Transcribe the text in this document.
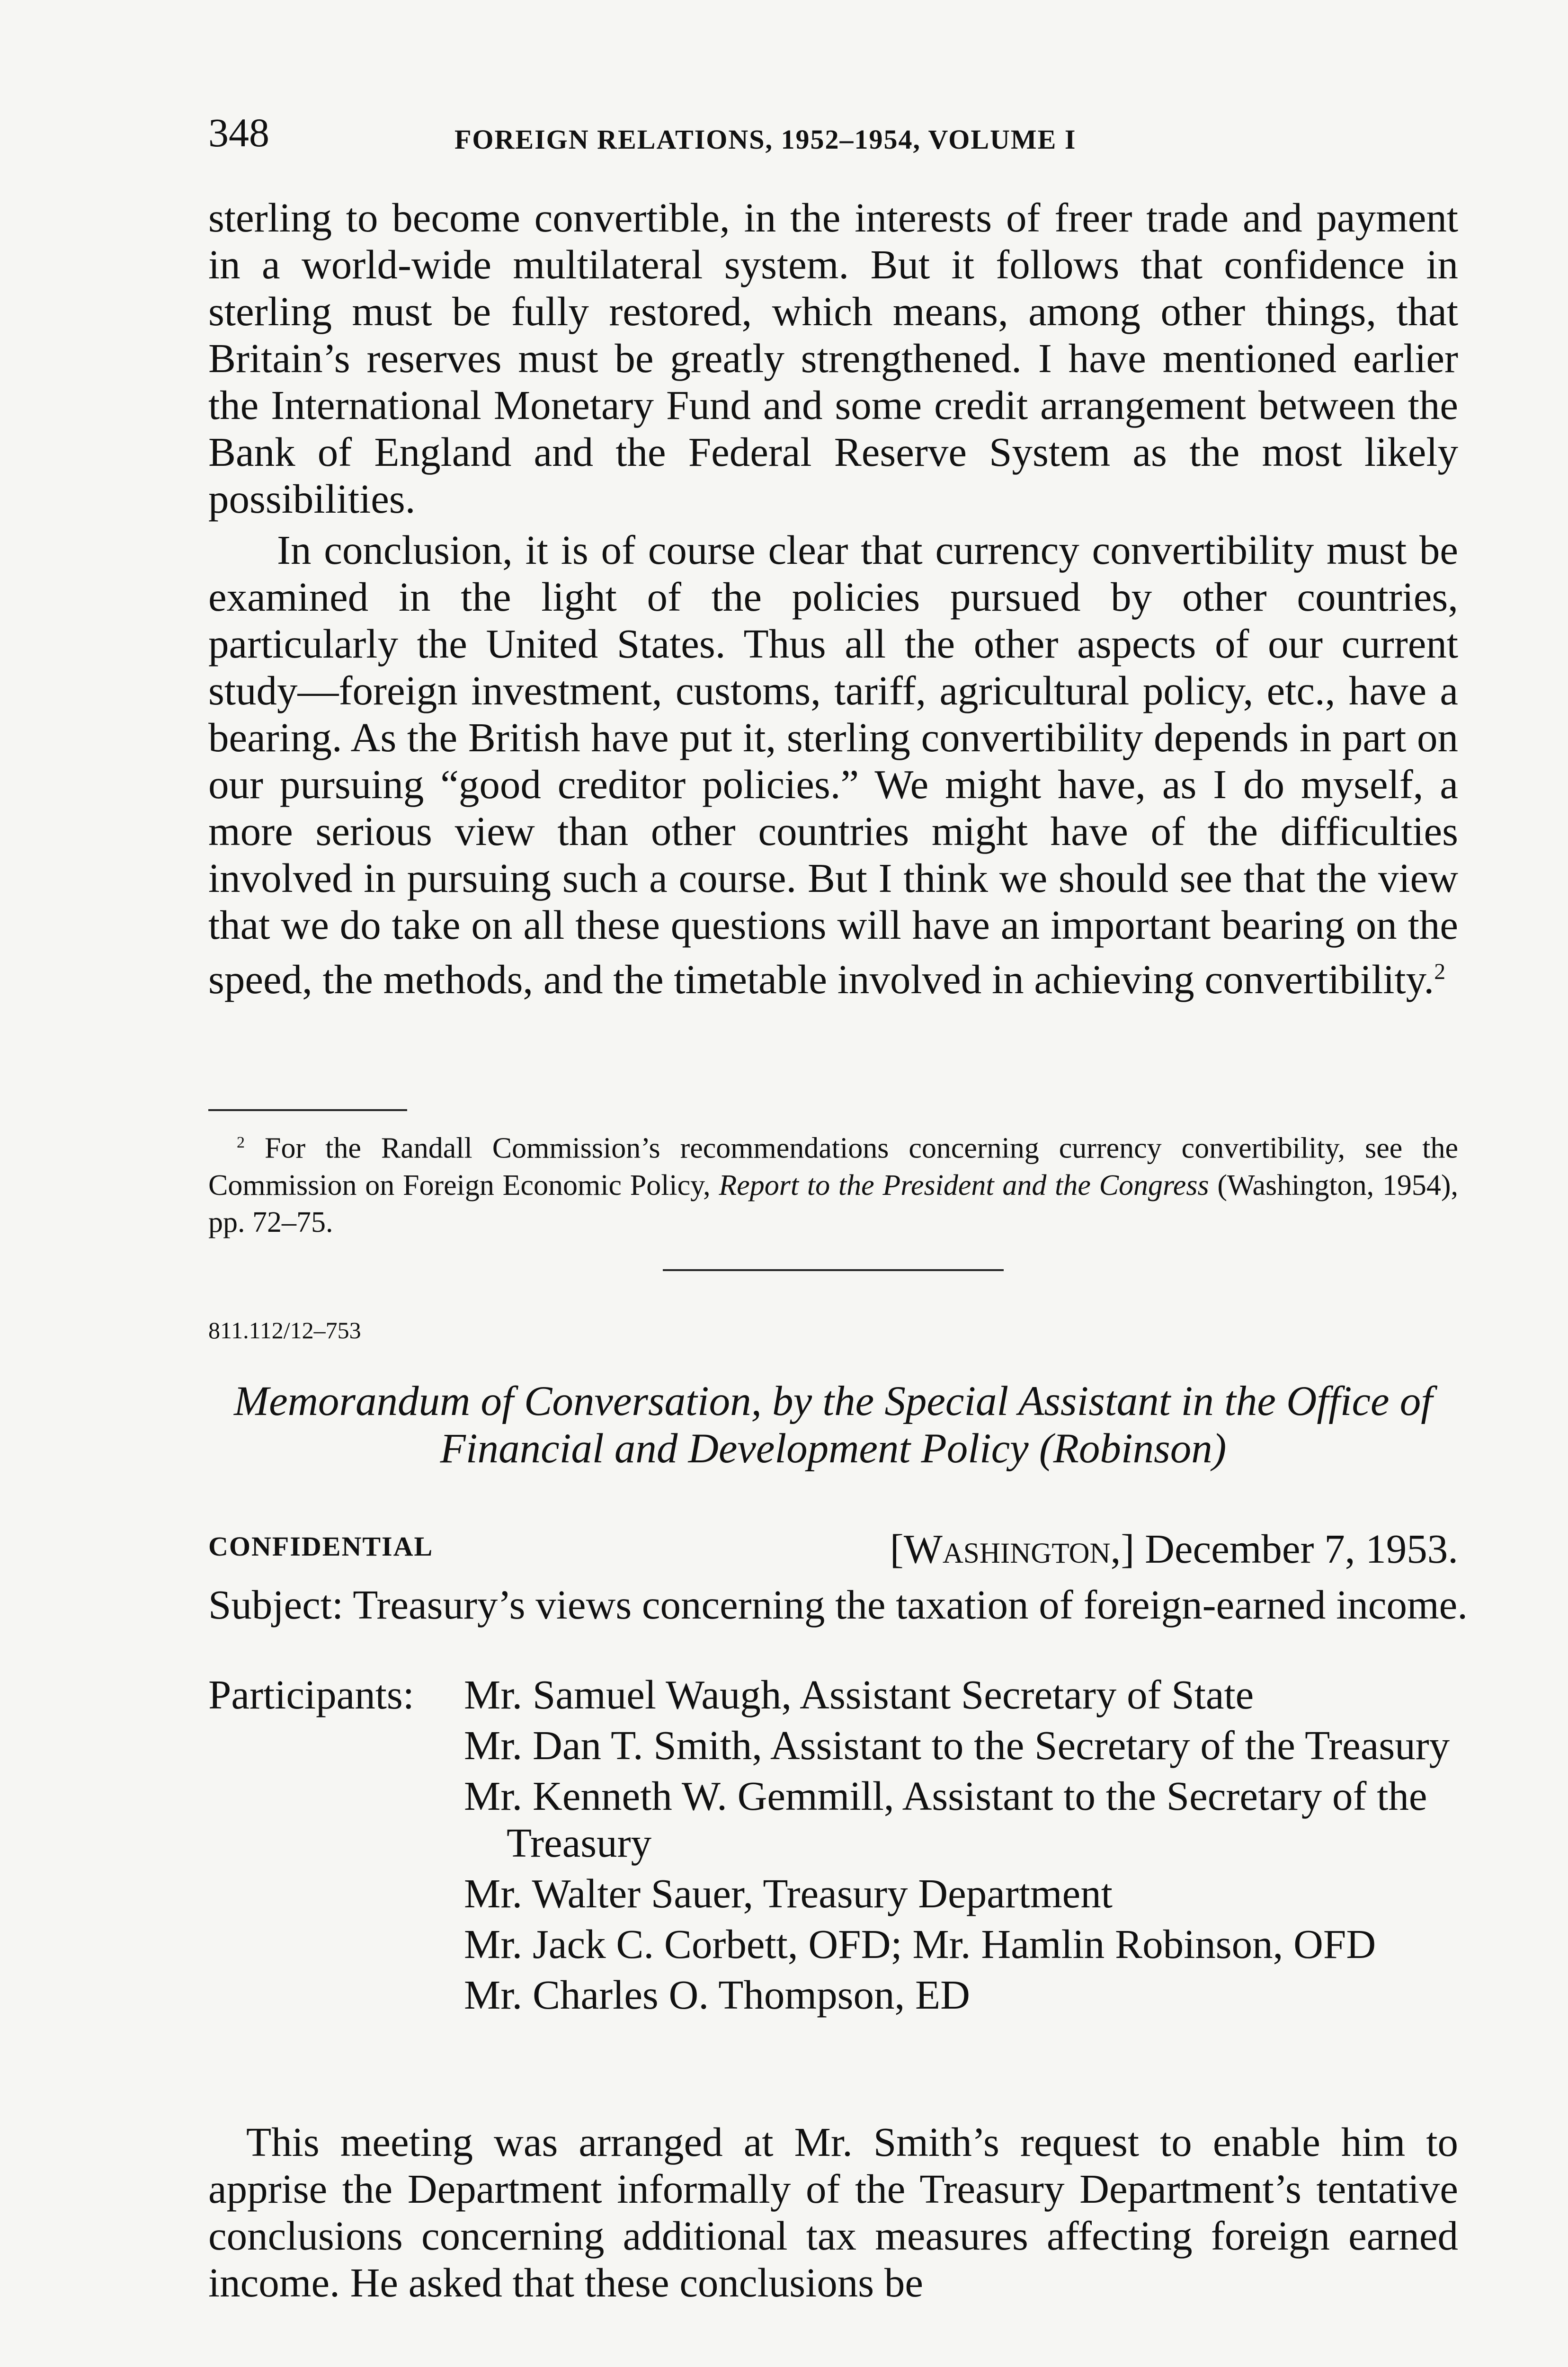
348	FOREIGN RELATIONS, 1952–1954, VOLUME I

sterling to become convertible, in the interests of freer trade and payment in a world-wide multilateral system. But it follows that confidence in sterling must be fully restored, which means, among other things, that Britain’s reserves must be greatly strengthened. I have mentioned earlier the International Monetary Fund and some credit arrangement between the Bank of England and the Federal Reserve System as the most likely possibilities.

In conclusion, it is of course clear that currency convertibility must be examined in the light of the policies pursued by other countries, particularly the United States. Thus all the other aspects of our current study—foreign investment, customs, tariff, agricultural policy, etc., have a bearing. As the British have put it, sterling convertibility depends in part on our pursuing “good creditor policies.” We might have, as I do myself, a more serious view than other countries might have of the difficulties involved in pursuing such a course. But I think we should see that the view that we do take on all these questions will have an important bearing on the speed, the methods, and the timetable involved in achieving convertibility.$^2$

$^2$ For the Randall Commission’s recommendations concerning currency convertibility, see the Commission on Foreign Economic Policy, Report to the President and the Congress (Washington, 1954), pp. 72–75.

811.112/12–753

Memorandum of Conversation, by the Special Assistant in the Office of Financial and Development Policy (Robinson)

CONFIDENTIAL	[Washington,] December 7, 1953.

Subject: Treasury’s views concerning the taxation of foreign-earned income.

Participants: Mr. Samuel Waugh, Assistant Secretary of State
Mr. Dan T. Smith, Assistant to the Secretary of the Treasury
Mr. Kenneth W. Gemmill, Assistant to the Secretary of the Treasury
Mr. Walter Sauer, Treasury Department
Mr. Jack C. Corbett, OFD; Mr. Hamlin Robinson, OFD
Mr. Charles O. Thompson, ED

This meeting was arranged at Mr. Smith’s request to enable him to apprise the Department informally of the Treasury Department’s tentative conclusions concerning additional tax measures affecting foreign earned income. He asked that these conclusions be
